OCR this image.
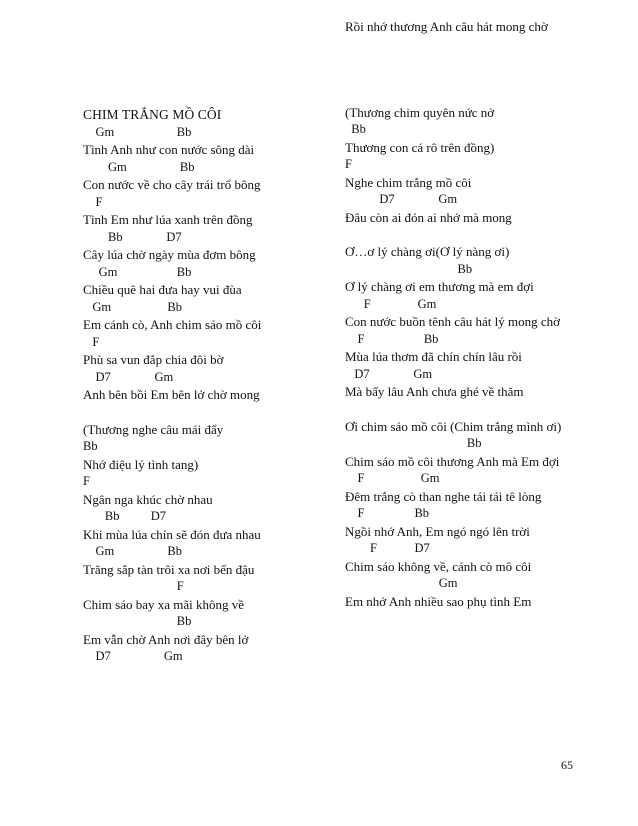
CHIM TRẮNG MỒ CÔI
Gm                    Bb
Tình Anh như con nước sông dài
Gm                 Bb
Con nước về cho cây trái trổ bông
F
Tình Em như lúa xanh trên đồng
Bb              D7
Cây lúa chờ ngày mùa đơm bông
Gm                   Bb
Chiều quê hai đưa hay vui đùa
Gm                  Bb
Em cánh cò, Anh chim sáo mồ côi
F
Phù sa vun đắp chia đôi bờ
D7              Gm
Anh bên bồi Em bên lở chờ mong
(Thương nghe câu mái đẩy
Bb
Nhớ điệu lý tình tang)
F
Ngân nga khúc chờ nhau
Bb          D7
Khi mùa lúa chín sẽ đón đưa nhau
Gm                 Bb
Trăng sắp tàn trôi xa nơi bến đậu
F
Chim sáo bay xa mãi không về
Bb
Em vẫn chờ Anh nơi đây bên lở
D7                 Gm
Rồi nhớ thương Anh câu hát mong chờ
(Thương chim quyên nức nở
Bb
Thương con cá rô trên đồng)
F
Nghe chim trắng mồ côi
D7              Gm
Đâu còn ai đón ai nhớ mà mong
Ơ…ơ lý chàng ơi(Ơ lý nàng ơi)
Bb
Ơ lý chàng ơi em thương mà em đợi
F               Gm
Con nước buồn tênh câu hát lý mong chờ
F                   Bb
Mùa lúa thơm đã chín chín lâu rồi
D7              Gm
Mà bấy lâu Anh chưa ghé về thăm
Ơi chim sáo mồ côi (Chim trắng mình ơi)
Bb
Chim sáo mồ côi thương Anh mà Em đợi
F                  Gm
Đêm trắng cò than nghe tái tái tê lòng
F                Bb
Ngồi nhớ Anh, Em ngó ngó lên trời
F            D7
Chim sáo không về, cánh cò mô côi
Gm
Em nhớ Anh nhiều sao phụ tình Em
65
